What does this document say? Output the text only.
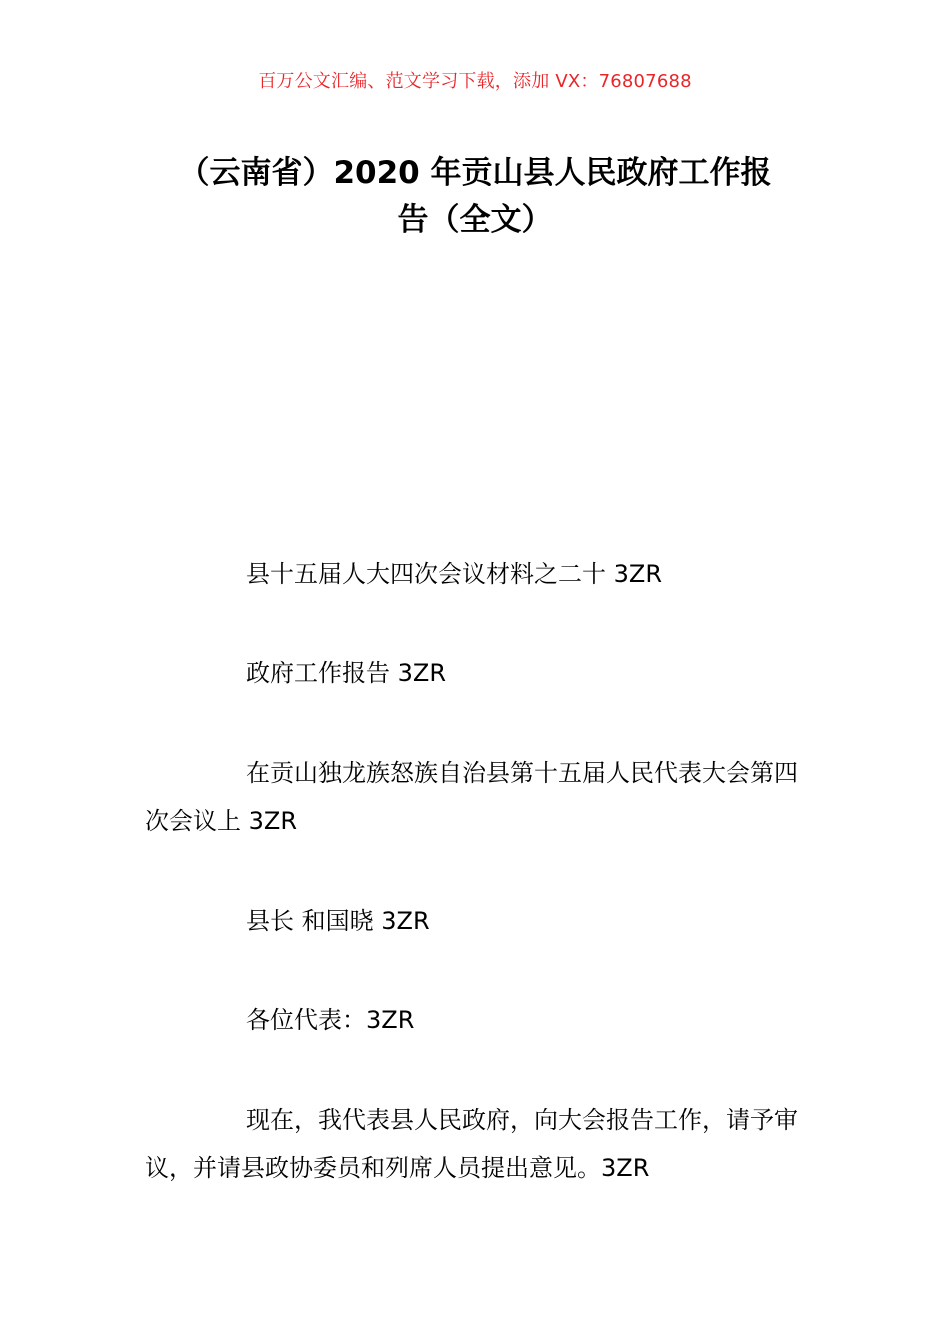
百万公文汇编、范文学习下载，添加 VX：76807688
（云南省）2020 年贡山县人民政府工作报
告（全文）

县十五届人大四次会议材料之二十 3ZR

政府工作报告 3ZR

在贡山独龙族怒族自治县第十五届人民代表大会第四次会议上 3ZR

县长 和国晓 3ZR

各位代表：3ZR

现在，我代表县人民政府，向大会报告工作，请予审议，并请县政协委员和列席人员提出意见。3ZR
